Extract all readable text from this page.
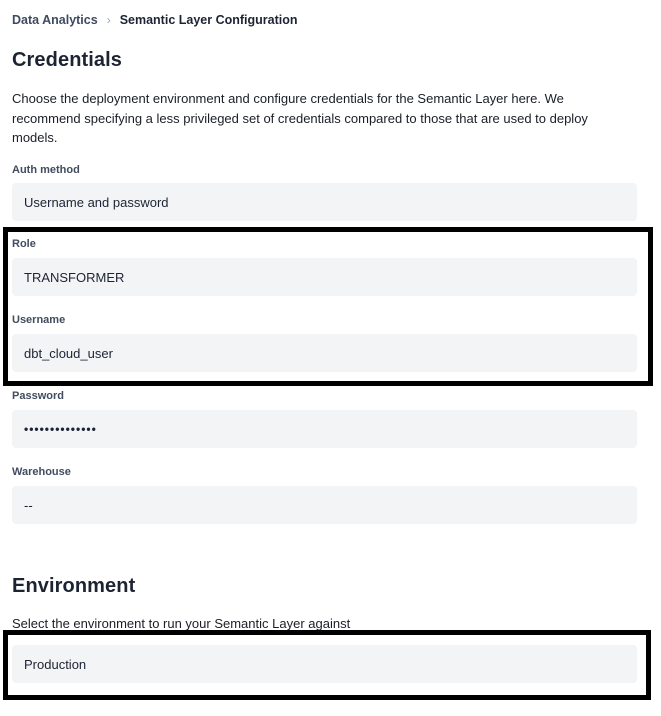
Data Analytics › Semantic Layer Configuration
Credentials

Choose the deployment environment and configure credentials for the Semantic Layer here. We recommend specifying a less privileged set of credentials compared to those that are used to deploy models.

Auth method
Username and password
Role
TRANSFORMER
Username
dbt_cloud_user
Password
••••••••••••••
Warehouse
--
Environment

Select the environment to run your Semantic Layer against

Production
